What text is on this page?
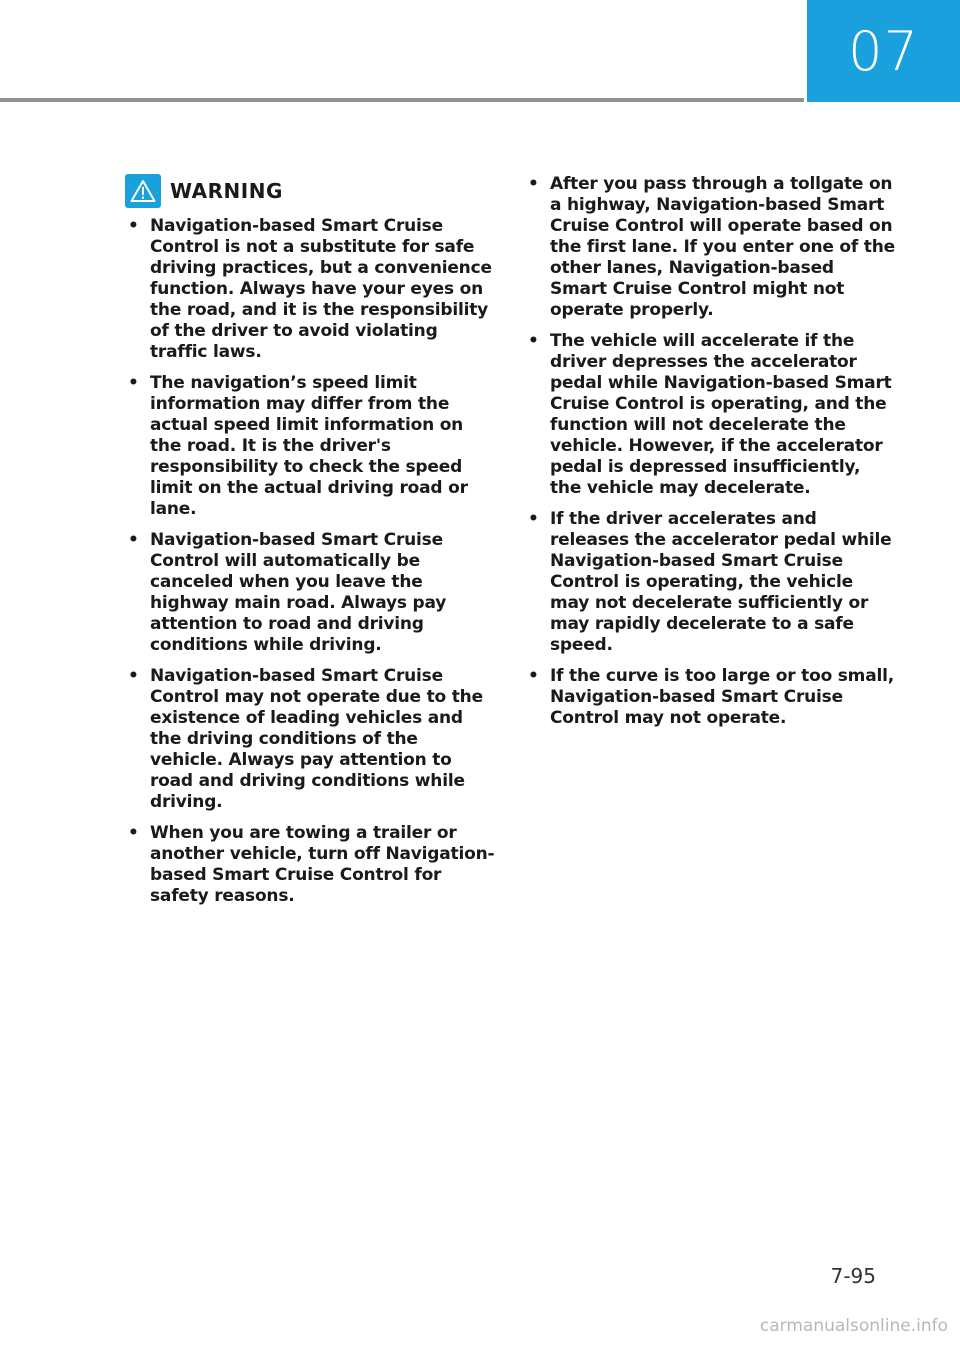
07
WARNING
• Navigation-based Smart Cruise Control is not a substitute for safe driving practices, but a convenience function. Always have your eyes on the road, and it is the responsibility of the driver to avoid violating traffic laws.
• The navigation’s speed limit information may differ from the actual speed limit information on the road. It is the driver's responsibility to check the speed limit on the actual driving road or lane.
• Navigation-based Smart Cruise Control will automatically be canceled when you leave the highway main road. Always pay attention to road and driving conditions while driving.
• Navigation-based Smart Cruise Control may not operate due to the existence of leading vehicles and the driving conditions of the vehicle. Always pay attention to road and driving conditions while driving.
• When you are towing a trailer or another vehicle, turn off Navigation-based Smart Cruise Control for safety reasons.
• After you pass through a tollgate on a highway, Navigation-based Smart Cruise Control will operate based on the first lane. If you enter one of the other lanes, Navigation-based Smart Cruise Control might not operate properly.
• The vehicle will accelerate if the driver depresses the accelerator pedal while Navigation-based Smart Cruise Control is operating, and the function will not decelerate the vehicle. However, if the accelerator pedal is depressed insufficiently, the vehicle may decelerate.
• If the driver accelerates and releases the accelerator pedal while Navigation-based Smart Cruise Control is operating, the vehicle may not decelerate sufficiently or may rapidly decelerate to a safe speed.
• If the curve is too large or too small, Navigation-based Smart Cruise Control may not operate.
7-95
carmanualsonline.info
